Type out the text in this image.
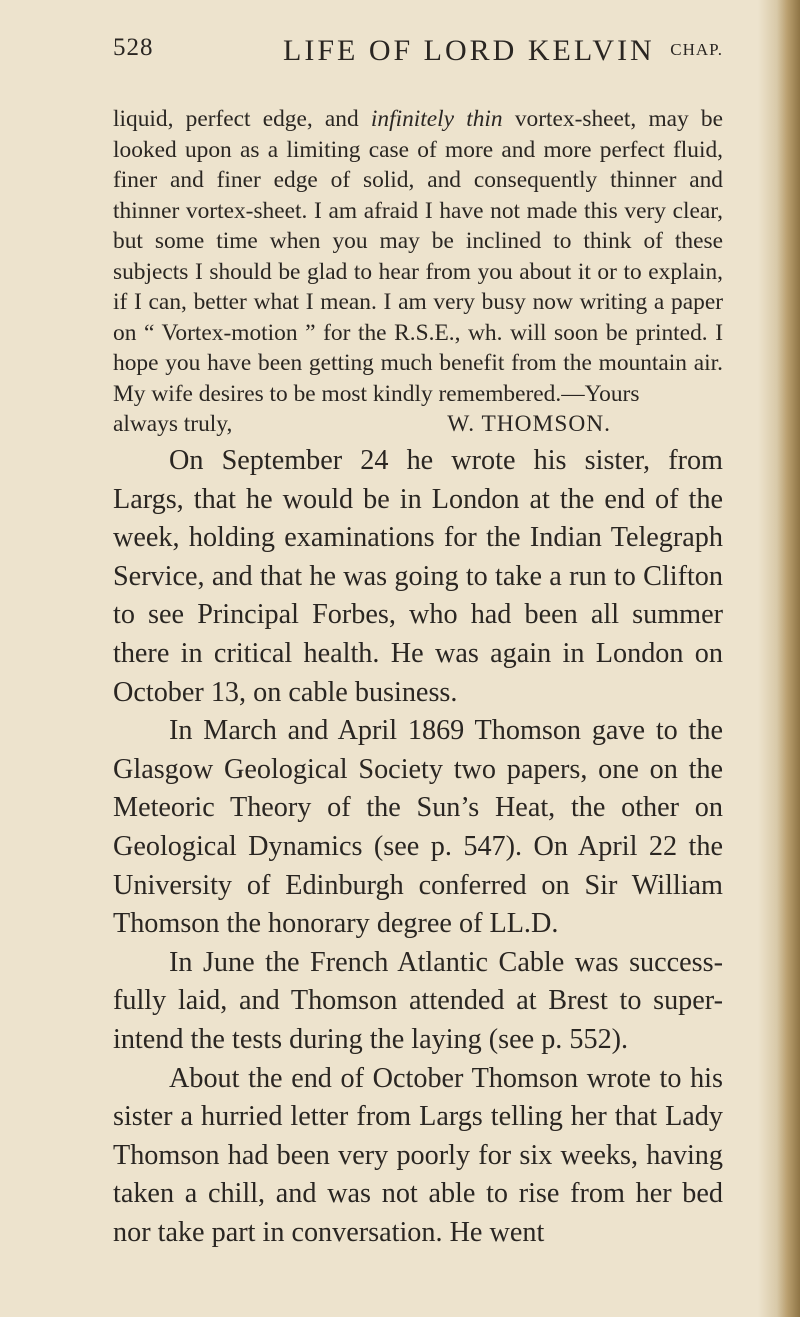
528	LIFE OF LORD KELVIN CHAP.

liquid, perfect edge, and infinitely thin vortex-sheet, may be looked upon as a limiting case of more and more perfect fluid, finer and finer edge of solid, and consequently thinner and thinner vortex-sheet. I am afraid I have not made this very clear, but some time when you may be inclined to think of these subjects I should be glad to hear from you about it or to explain, if I can, better what I mean. I am very busy now writing a paper on “ Vortex-motion ” for the R.S.E., wh. will soon be printed. I hope you have been getting much benefit from the mountain air. My wife desires to be most kindly remembered.—Yours

always truly,	W. THOMSON.

On September 24 he wrote his sister, from Largs, that he would be in London at the end of the week, holding examinations for the Indian Telegraph Service, and that he was going to take a run to Clifton to see Principal Forbes, who had been all summer there in critical health. He was again in London on October 13, on cable business.

In March and April 1869 Thomson gave to the Glasgow Geological Society two papers, one on the Meteoric Theory of the Sun’s Heat, the other on Geological Dynamics (see p. 547). On April 22 the University of Edinburgh conferred on Sir William Thomson the honorary degree of LL.D.

In June the French Atlantic Cable was success-fully laid, and Thomson attended at Brest to super-intend the tests during the laying (see p. 552).

About the end of October Thomson wrote to his sister a hurried letter from Largs telling her that Lady Thomson had been very poorly for six weeks, having taken a chill, and was not able to rise from her bed nor take part in conversation. He went
